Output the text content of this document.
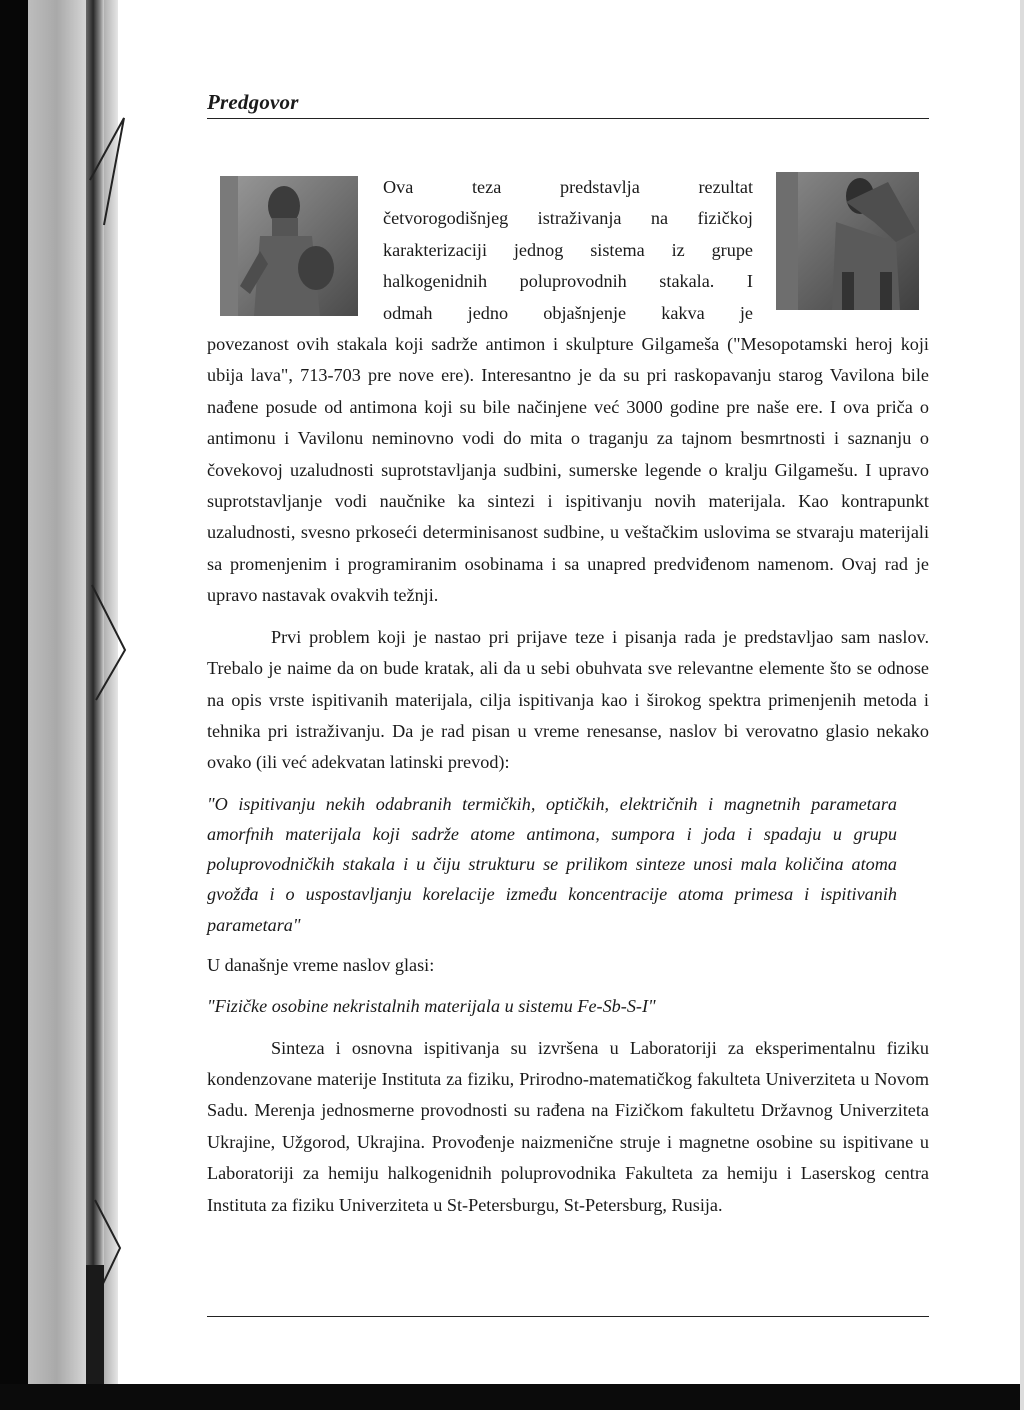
Predgovor
Ova teza predstavlja rezultat
četvorogodišnjeg istraživanja na fizičkoj
karakterizaciji jednog sistema iz grupe
halkogenidnih poluprovodnih stakala. I
odmah jedno objašnjenje kakva je

povezanost ovih stakala koji sadrže antimon i skulpture Gilgameša ("Mesopotamski heroj koji ubija lava", 713-703 pre nove ere). Interesantno je da su pri raskopavanju starog Vavilona bile nađene posude od antimona koji su bile načinjene već 3000 godine pre naše ere. I ova priča o antimonu i Vavilonu neminovno vodi do mita o traganju za tajnom besmrtnosti i saznanju o čovekovoj uzaludnosti suprotstavljanja sudbini, sumerske legende o kralju Gilgamešu. I upravo suprotstavljanje vodi naučnike ka sintezi i ispitivanju novih materijala. Kao kontrapunkt uzaludnosti, svesno prkoseći determinisanost sudbine, u veštačkim uslovima se stvaraju materijali sa promenjenim i programiranim osobinama i sa unapred predviđenom namenom. Ovaj rad je upravo nastavak ovakvih težnji.

Prvi problem koji je nastao pri prijave teze i pisanja rada je predstavljao sam naslov. Trebalo je naime da on bude kratak, ali da u sebi obuhvata sve relevantne elemente što se odnose na opis vrste ispitivanih materijala, cilja ispitivanja kao i širokog spektra primenjenih metoda i tehnika pri istraživanju. Da je rad pisan u vreme renesanse, naslov bi verovatno glasio nekako ovako (ili već adekvatan latinski prevod):

"O ispitivanju nekih odabranih termičkih, optičkih, električnih i magnetnih parametara amorfnih materijala koji sadrže atome antimona, sumpora i joda i spadaju u grupu poluprovodničkih stakala i u čiju strukturu se prilikom sinteze unosi mala količina atoma gvožđa i o uspostavljanju korelacije između koncentracije atoma primesa i ispitivanih parametara"

U današnje vreme naslov glasi:

"Fizičke osobine nekristalnih materijala u sistemu Fe-Sb-S-I"

Sinteza i osnovna ispitivanja su izvršena u Laboratoriji za eksperimentalnu fiziku kondenzovane materije Instituta za fiziku, Prirodno-matematičkog fakulteta Univerziteta u Novom Sadu. Merenja jednosmerne provodnosti su rađena na Fizičkom fakultetu Državnog Univerziteta Ukrajine, Užgorod, Ukrajina. Provođenje naizmenične struje i magnetne osobine su ispitivane u Laboratoriji za hemiju halkogenidnih poluprovodnika Fakulteta za hemiju i Laserskog centra Instituta za fiziku Univerziteta u St-Petersburgu, St-Petersburg, Rusija.
